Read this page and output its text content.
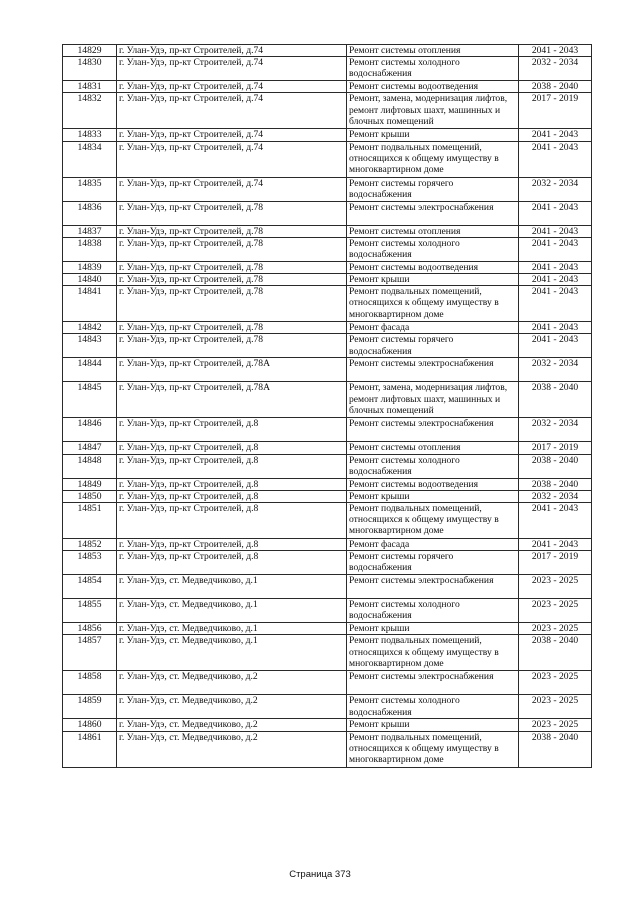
14829	г. Улан-Удэ, пр-кт Строителей, д.74	Ремонт системы отопления	2041 - 2043
14830	г. Улан-Удэ, пр-кт Строителей, д.74	Ремонт системы холодного водоснабжения	2032 - 2034
14831	г. Улан-Удэ, пр-кт Строителей, д.74	Ремонт системы водоотведения	2038 - 2040
14832	г. Улан-Удэ, пр-кт Строителей, д.74	Ремонт, замена, модернизация лифтов, ремонт лифтовых шахт, машинных и блочных помещений	2017 - 2019
14833	г. Улан-Удэ, пр-кт Строителей, д.74	Ремонт крыши	2041 - 2043
14834	г. Улан-Удэ, пр-кт Строителей, д.74	Ремонт подвальных помещений, относящихся к общему имуществу в многоквартирном доме	2041 - 2043
14835	г. Улан-Удэ, пр-кт Строителей, д.74	Ремонт системы горячего водоснабжения	2032 - 2034
14836	г. Улан-Удэ, пр-кт Строителей, д.78	Ремонт системы электроснабжения	2041 - 2043
14837	г. Улан-Удэ, пр-кт Строителей, д.78	Ремонт системы отопления	2041 - 2043
14838	г. Улан-Удэ, пр-кт Строителей, д.78	Ремонт системы холодного водоснабжения	2041 - 2043
14839	г. Улан-Удэ, пр-кт Строителей, д.78	Ремонт системы водоотведения	2041 - 2043
14840	г. Улан-Удэ, пр-кт Строителей, д.78	Ремонт крыши	2041 - 2043
14841	г. Улан-Удэ, пр-кт Строителей, д.78	Ремонт подвальных помещений, относящихся к общему имуществу в многоквартирном доме	2041 - 2043
14842	г. Улан-Удэ, пр-кт Строителей, д.78	Ремонт фасада	2041 - 2043
14843	г. Улан-Удэ, пр-кт Строителей, д.78	Ремонт системы горячего водоснабжения	2041 - 2043
14844	г. Улан-Удэ, пр-кт Строителей, д.78А	Ремонт системы электроснабжения	2032 - 2034
14845	г. Улан-Удэ, пр-кт Строителей, д.78А	Ремонт, замена, модернизация лифтов, ремонт лифтовых шахт, машинных и блочных помещений	2038 - 2040
14846	г. Улан-Удэ, пр-кт Строителей, д.8	Ремонт системы электроснабжения	2032 - 2034
14847	г. Улан-Удэ, пр-кт Строителей, д.8	Ремонт системы отопления	2017 - 2019
14848	г. Улан-Удэ, пр-кт Строителей, д.8	Ремонт системы холодного водоснабжения	2038 - 2040
14849	г. Улан-Удэ, пр-кт Строителей, д.8	Ремонт системы водоотведения	2038 - 2040
14850	г. Улан-Удэ, пр-кт Строителей, д.8	Ремонт крыши	2032 - 2034
14851	г. Улан-Удэ, пр-кт Строителей, д.8	Ремонт подвальных помещений, относящихся к общему имуществу в многоквартирном доме	2041 - 2043
14852	г. Улан-Удэ, пр-кт Строителей, д.8	Ремонт фасада	2041 - 2043
14853	г. Улан-Удэ, пр-кт Строителей, д.8	Ремонт системы горячего водоснабжения	2017 - 2019
14854	г. Улан-Удэ, ст. Медведчиково, д.1	Ремонт системы электроснабжения	2023 - 2025
14855	г. Улан-Удэ, ст. Медведчиково, д.1	Ремонт системы холодного водоснабжения	2023 - 2025
14856	г. Улан-Удэ, ст. Медведчиково, д.1	Ремонт крыши	2023 - 2025
14857	г. Улан-Удэ, ст. Медведчиково, д.1	Ремонт подвальных помещений, относящихся к общему имуществу в многоквартирном доме	2038 - 2040
14858	г. Улан-Удэ, ст. Медведчиково, д.2	Ремонт системы электроснабжения	2023 - 2025
14859	г. Улан-Удэ, ст. Медведчиково, д.2	Ремонт системы холодного водоснабжения	2023 - 2025
14860	г. Улан-Удэ, ст. Медведчиково, д.2	Ремонт крыши	2023 - 2025
14861	г. Улан-Удэ, ст. Медведчиково, д.2	Ремонт подвальных помещений, относящихся к общему имуществу в многоквартирном доме	2038 - 2040
Страница 373
